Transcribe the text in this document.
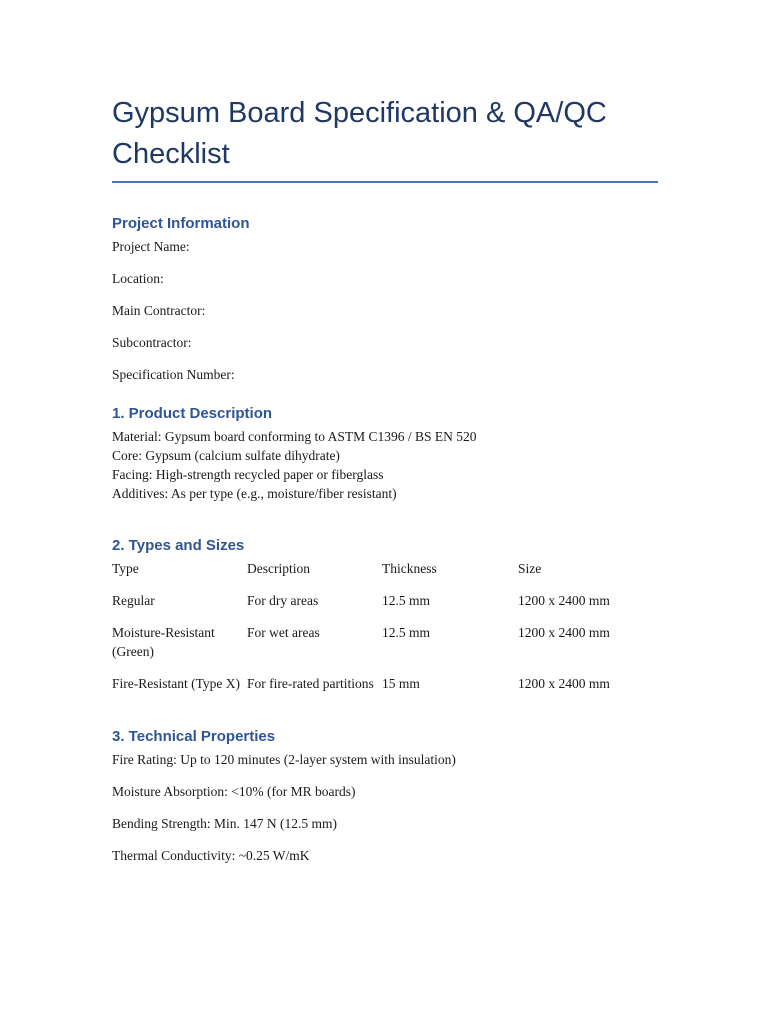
Gypsum Board Specification & QA/QC Checklist
Project Information

Project Name:

Location:

Main Contractor:

Subcontractor:

Specification Number:

1. Product Description

Material: Gypsum board conforming to ASTM C1396 / BS EN 520

Core: Gypsum (calcium sulfate dihydrate)

Facing: High-strength recycled paper or fiberglass

Additives: As per type (e.g., moisture/fiber resistant)

2. Types and Sizes
Type	Description	Thickness	Size
Regular	For dry areas	12.5 mm	1200 x 2400 mm
Moisture-Resistant (Green)	For wet areas	12.5 mm	1200 x 2400 mm
Fire-Resistant (Type X)	For fire-rated partitions	15 mm	1200 x 2400 mm
3. Technical Properties

Fire Rating: Up to 120 minutes (2-layer system with insulation)

Moisture Absorption: <10% (for MR boards)

Bending Strength: Min. 147 N (12.5 mm)

Thermal Conductivity: ~0.25 W/mK
